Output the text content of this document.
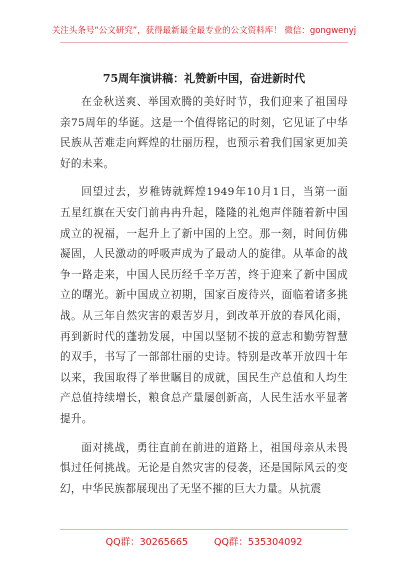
关注头条号“公文研究”，获得最新最全最专业的公文资料库！ 微信：gongwenyj
75周年演讲稿：礼赞新中国，奋进新时代

在金秋送爽、举国欢腾的美好时节，我们迎来了祖国母亲75周年的华诞。这是一个值得铭记的时刻，它见证了中华民族从苦难走向辉煌的壮丽历程，也预示着我们国家更加美好的未来。

回望过去，岁稚铸就辉煌1949年10月1日，当第一面五星红旗在天安门前冉冉升起，隆隆的礼炮声伴随着新中国成立的祝福，一起升上了新中国的上空。那一刻，时间仿佛凝固，人民激动的呼吸声成为了最动人的旋律。从革命的战争一路走来，中国人民历经千辛万苦，终于迎来了新中国成立的曙光。新中国成立初期，国家百废待兴，面临着诸多挑战。从三年自然灾害的艰苦岁月，到改革开放的春风化雨，再到新时代的蓬勃发展，中国以坚韧不拔的意志和勤劳智慧的双手，书写了一部部壮丽的史诗。特别是改革开放四十年以来，我国取得了举世瞩目的成就，国民生产总值和人均生产总值持续增长，粮食总产量屡创新高，人民生活水平显著提升。

面对挑战，勇往直前在前进的道路上，祖国母亲从未畏惧过任何挑战。无论是自然灾害的侵袭，还是国际风云的变幻，中华民族都展现出了无坚不摧的巨大力量。从抗震

QQ群：30265665	QQ群：535304092
